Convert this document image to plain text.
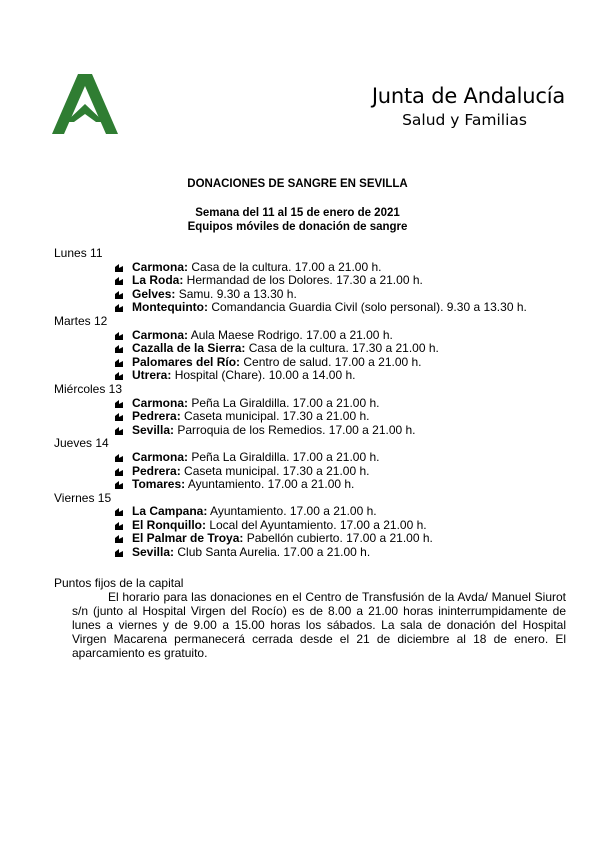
Junta de Andalucía
Salud y Familias
DONACIONES DE SANGRE EN SEVILLA
Semana del 11 al 15 de enero de 2021
Equipos móviles de donación de sangre
Lunes 11
Carmona: Casa de la cultura. 17.00 a 21.00 h.
La Roda: Hermandad de los Dolores. 17.30 a 21.00 h.
Gelves: Samu. 9.30 a 13.30 h.
Montequinto: Comandancia Guardia Civil (solo personal). 9.30 a 13.30 h.
Martes 12
Carmona: Aula Maese Rodrigo. 17.00 a 21.00 h.
Cazalla de la Sierra: Casa de la cultura. 17.30 a 21.00 h.
Palomares del Río: Centro de salud. 17.00 a 21.00 h.
Utrera: Hospital (Chare). 10.00 a 14.00 h.
Miércoles 13
Carmona: Peña La Giraldilla. 17.00 a 21.00 h.
Pedrera: Caseta municipal. 17.30 a 21.00 h.
Sevilla: Parroquia de los Remedios. 17.00 a 21.00 h.
Jueves 14
Carmona: Peña La Giraldilla. 17.00 a 21.00 h.
Pedrera: Caseta municipal. 17.30 a 21.00 h.
Tomares: Ayuntamiento. 17.00 a 21.00 h.
Viernes 15
La Campana: Ayuntamiento. 17.00 a 21.00 h.
El Ronquillo: Local del Ayuntamiento. 17.00 a 21.00 h.
El Palmar de Troya: Pabellón cubierto. 17.00 a 21.00 h.
Sevilla: Club Santa Aurelia. 17.00 a 21.00 h.
Puntos fijos de la capital

El horario para las donaciones en el Centro de Transfusión de la Avda/ Manuel Siurot s/n (junto al Hospital Virgen del Rocío) es de 8.00 a 21.00 horas ininterrumpidamente de lunes a viernes y de 9.00 a 15.00 horas los sábados. La sala de donación del Hospital Virgen Macarena permanecerá cerrada desde el 21 de diciembre al 18 de enero. El aparcamiento es gratuito.
